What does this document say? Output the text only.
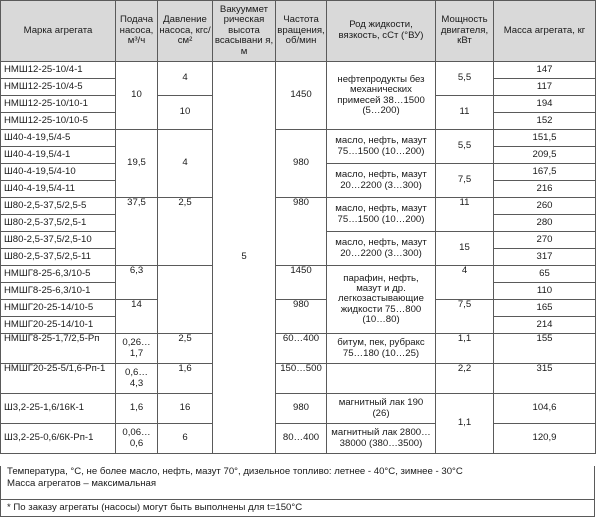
Марка агрегата	Подача насоса, м³/ч	Давление насоса, кгс/см²	Вакууммет рическая высота всасывани я, м	Частота вращения, об/мин	Род жидкости, вязкость, сСт (°ВУ)	Мощность двигателя, кВт	Масса агрегата, кг
НМШ12-25-10/4-1	10	4	5	1450	нефтепродукты без механических примесей 38…1500 (5…200)	5,5	147
НМШ12-25-10/4-5							117
НМШ12-25-10/10-1		10				11	194
НМШ12-25-10/10-5							152
Ш40-4-19,5/4-5	19,5	4		980	масло, нефть, мазут 75…1500 (10…200)	5,5	151,5
Ш40-4-19,5/4-1							209,5
Ш40-4-19,5/4-10					масло, нефть, мазут 20…2200 (3…300)	7,5	167,5
Ш40-4-19,5/4-11							216
Ш80-2,5-37,5/2,5-5	37,5	2,5		980	масло, нефть, мазут 75…1500 (10…200)	11	260
Ш80-2,5-37,5/2,5-1							280
Ш80-2,5-37,5/2,5-10					масло, нефть, мазут 20…2200 (3…300)	15	270
Ш80-2,5-37,5/2,5-11							317
НМШГ8-25-6,3/10-5	6,3			1450	парафин, нефть, мазут и др. легкозастывающие жидкости 75…800 (10…80)	4	65
НМШГ8-25-6,3/10-1							110
НМШГ20-25-14/10-5	14			980		7,5	165
НМШГ20-25-14/10-1							214
НМШГ8-25-1,7/2,5-Рп	0,26… 1,7	2,5		60…400	битум, пек, рубракс 75…180 (10…25)	1,1	155
НМШГ20-25-5/1,6-Рп-1	0,6… 4,3	1,6		150…500		2,2	315
Ш3,2-25-1,6/16К-1	1,6	16		980	магнитный лак 190 (26)	1,1	104,6
Ш3,2-25-0,6/6К-Рп-1	0,06… 0,6	6		80…400	магнитный лак 2800…38000 (380…3500)		120,9
Температура, °С, не более масло, нефть, мазут 70°, дизельное топливо: летнее - 40°С, зимнее - 30°С
Масса агрегатов – максимальная
* По заказу агрегаты (насосы) могут быть выполнены для t=150°С
